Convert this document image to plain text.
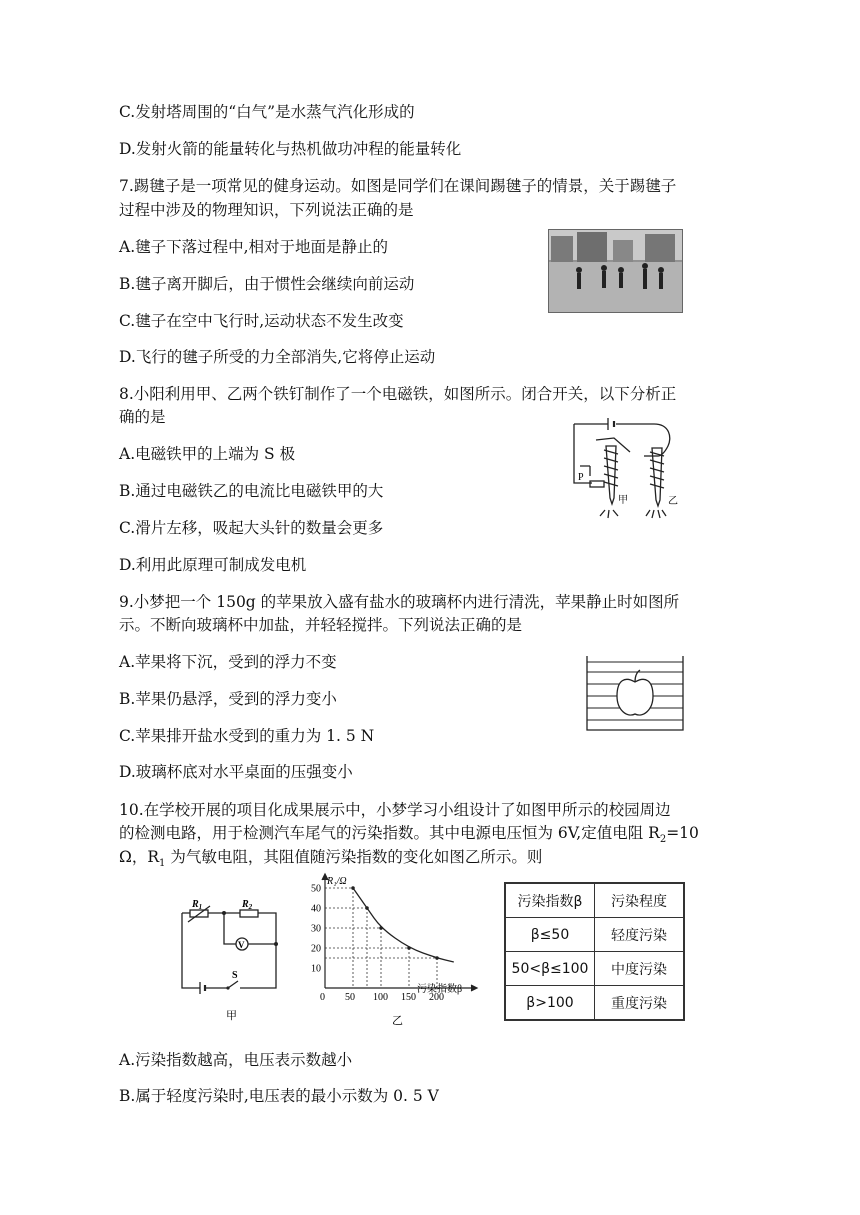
C.发射塔周围的“白气”是水蒸气汽化形成的
D.发射火箭的能量转化与热机做功冲程的能量转化
7.踢毽子是一项常见的健身运动。如图是同学们在课间踢毽子的情景，关于踢毽子
过程中涉及的物理知识，下列说法正确的是
A.毽子下落过程中,相对于地面是静止的
B.毽子离开脚后，由于惯性会继续向前运动
C.毽子在空中飞行时,运动状态不发生改变
D.飞行的毽子所受的力全部消失,它将停止运动
8.小阳利用甲、乙两个铁钉制作了一个电磁铁，如图所示。闭合开关，以下分析正
确的是
A.电磁铁甲的上端为 S 极
B.通过电磁铁乙的电流比电磁铁甲的大
C.滑片左移，吸起大头针的数量会更多
D.利用此原理可制成发电机
9.小梦把一个 150g 的苹果放入盛有盐水的玻璃杯内进行清洗，苹果静止时如图所
示。不断向玻璃杯中加盐，并轻轻搅拌。下列说法正确的是
A.苹果将下沉，受到的浮力不变
B.苹果仍悬浮，受到的浮力变小
C.苹果排开盐水受到的重力为 1. 5 N
D.玻璃杯底对水平桌面的压强变小
10.在学校开展的项目化成果展示中，小梦学习小组设计了如图甲所示的校园周边
的检测电路，用于检测汽车尾气的污染指数。其中电源电压恒为 6V,定值电阻 $R_2=10$
Ω，$R_1$ 为气敏电阻，其阻值随污染指数的变化如图乙所示。则
A.污染指数越高，电压表示数越小
B.属于轻度污染时,电压表的最小示数为 0. 5 V
P
甲	乙
$R_1$	$R_2$
V
S
甲
0 50 100 150 200
10
20
30
40
50
R₁/Ω
污染指数β
乙
污染指数β	污染程度
β≤50	轻度污染
50<β≤100	中度污染
β>100	重度污染
